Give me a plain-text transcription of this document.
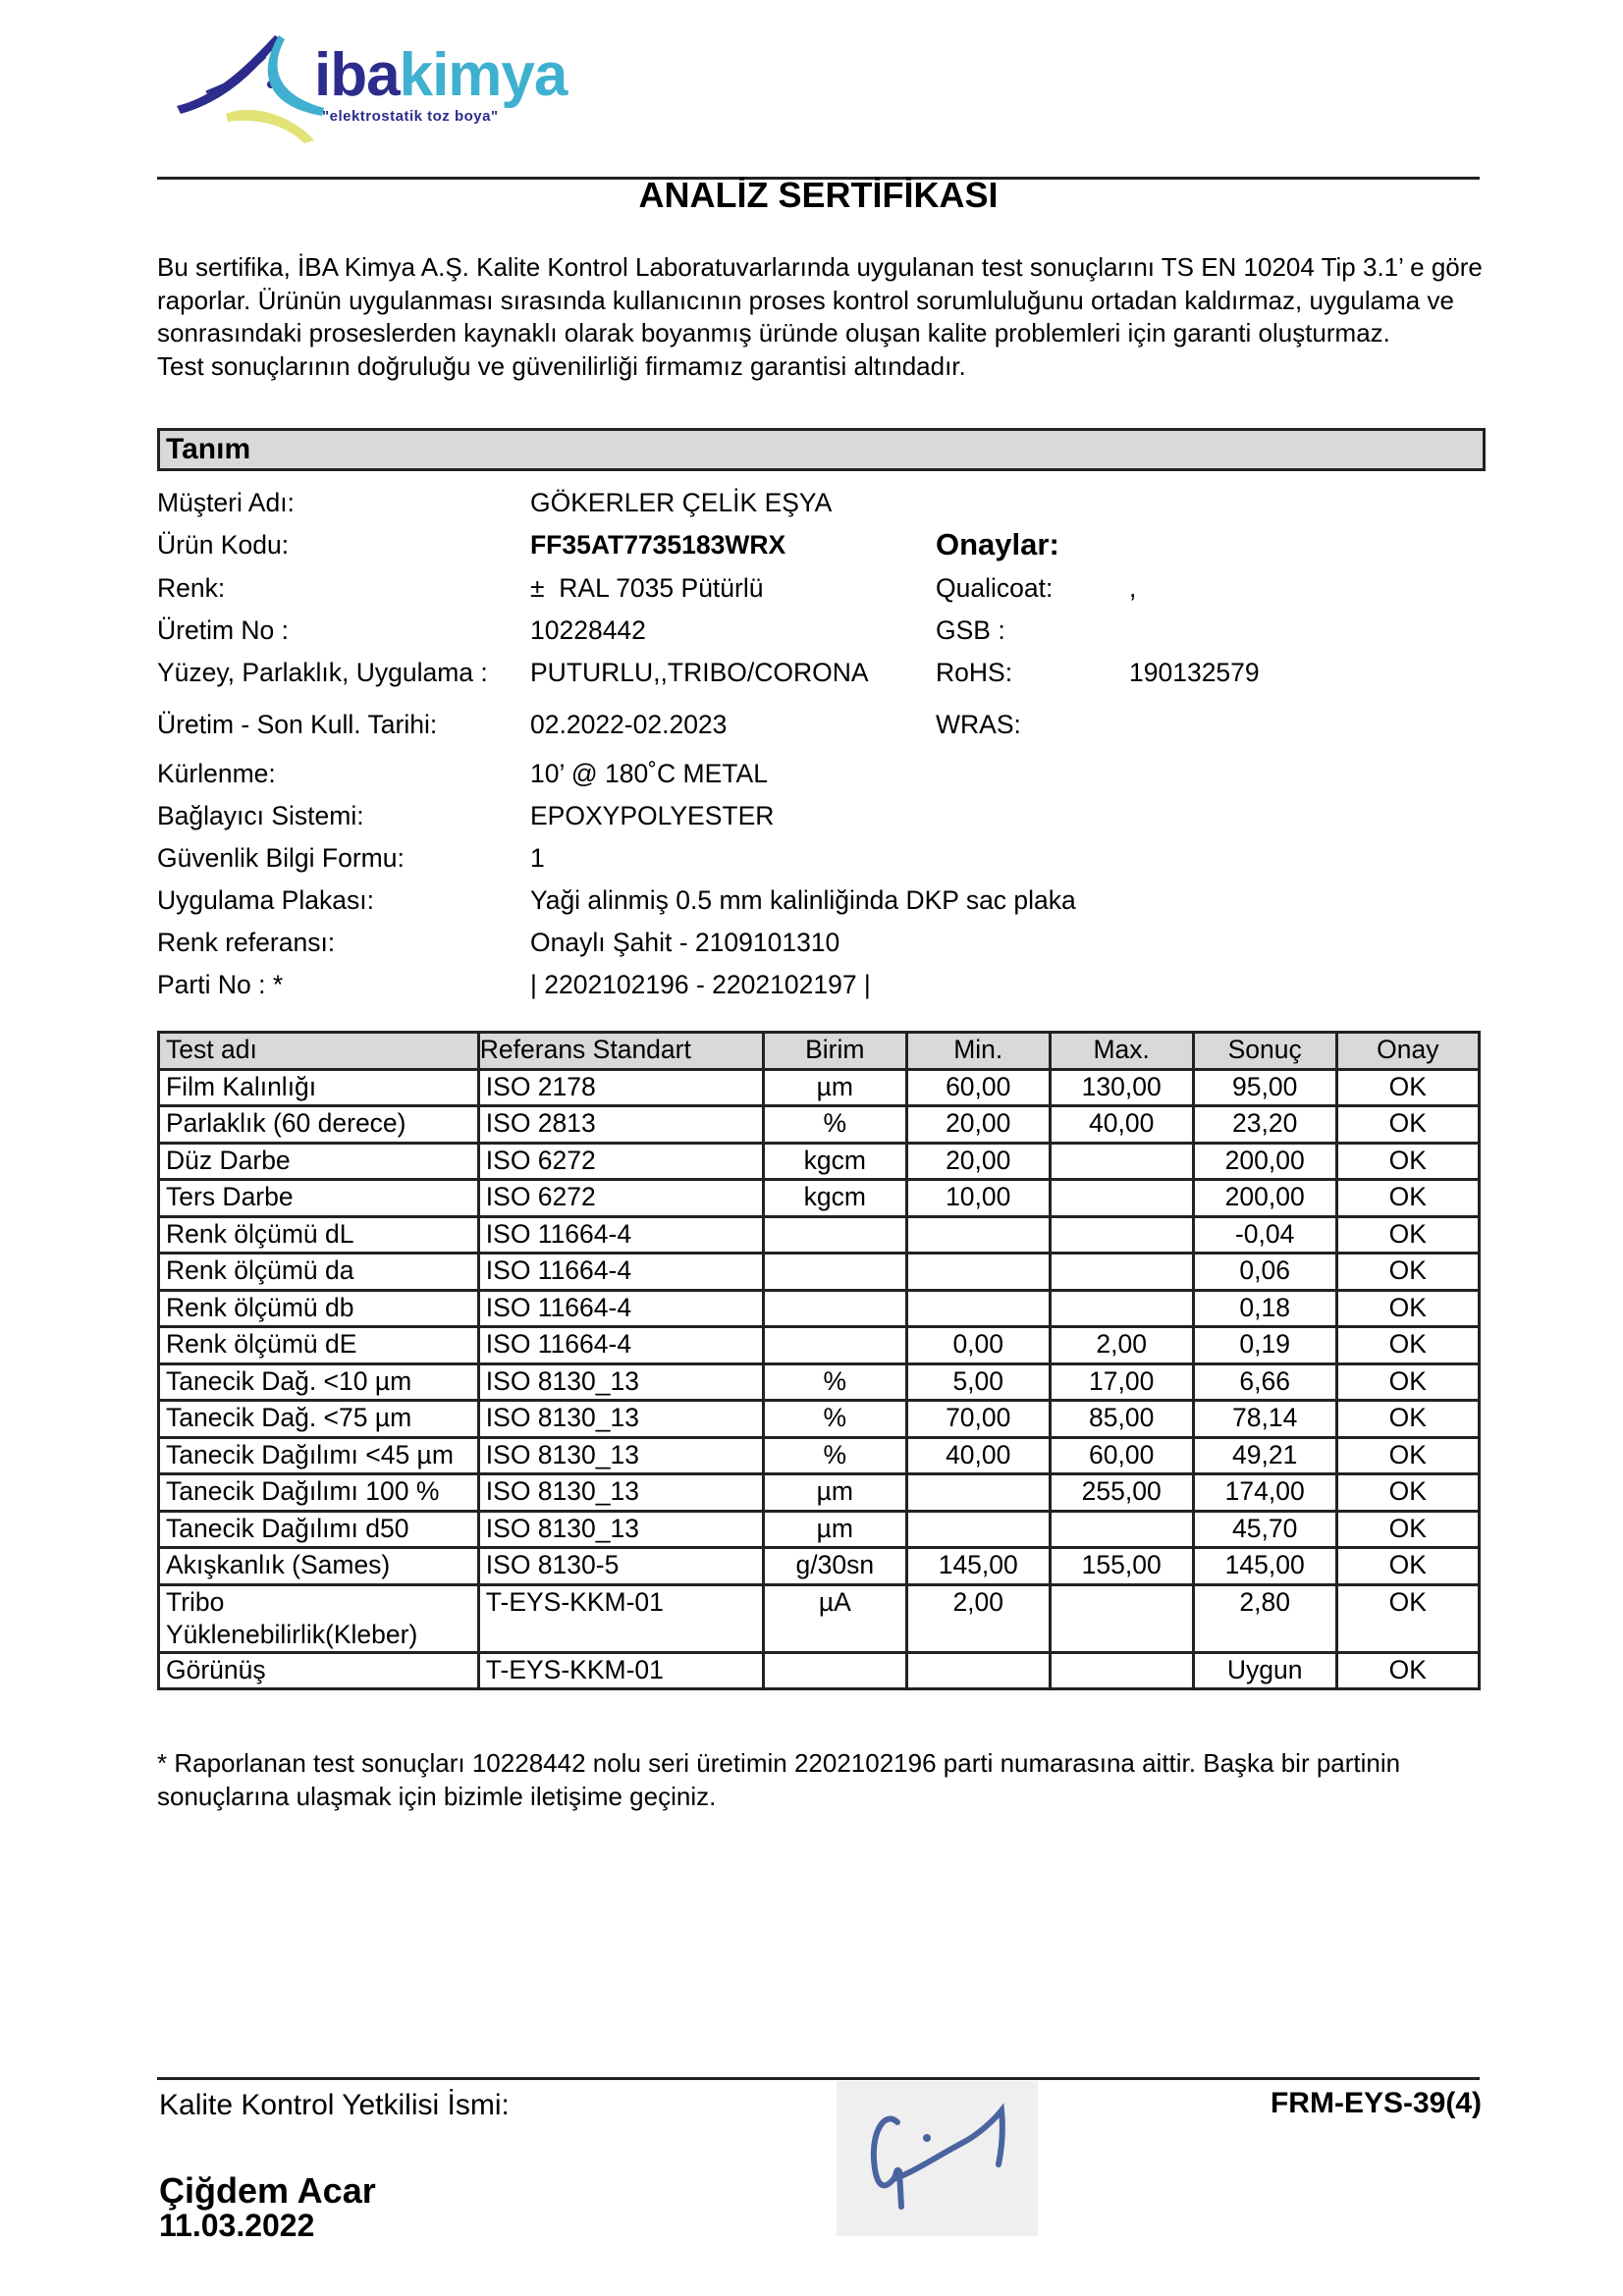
ibakimya
"elektrostatik toz boya"
ANALİZ SERTİFİKASI

Bu sertifika, İBA Kimya A.Ş. Kalite Kontrol Laboratuvarlarında uygulanan test sonuçlarını TS EN 10204 Tip 3.1’ e göre raporlar. Ürünün uygulanması sırasında kullanıcının proses kontrol sorumluluğunu ortadan kaldırmaz, uygulama ve sonrasındaki proseslerden kaynaklı olarak boyanmış üründe oluşan kalite problemleri için garanti oluşturmaz.

Test sonuçlarının doğruluğu ve güvenilirliği firmamız garantisi altındadır.

Tanım
Müşteri Adı:	GÖKERLER ÇELİK EŞYA
Ürün Kodu:	FF35AT7735183WRX	Onaylar:
Renk:	±  RAL 7035 Pütürlü	Qualicoat:	,
Üretim No :	10228442	GSB :
Yüzey, Parlaklık, Uygulama : PUTURLU,,TRIBO/CORONA	RoHS:	190132579
Üretim - Son Kull. Tarihi:	02.2022-02.2023	WRAS:
Kürlenme:	10’ @ 180˚C METAL
Bağlayıcı Sistemi:	EPOXYPOLYESTER
Güvenlik Bilgi Formu:	1
Uygulama Plakası:	Yaği alinmiş 0.5 mm kalinliğinda DKP sac plaka
Renk referansı:	Onaylı Şahit - 2109101310
Parti No : *	| 2202102196 - 2202102197 |
Test adı	Referans Standart	Birim	Min.	Max.	Sonuç	Onay
Film Kalınlığı	ISO 2178	µm	60,00	130,00	95,00	OK
Parlaklık (60 derece)	ISO 2813	%	20,00	40,00	23,20	OK
Düz Darbe	ISO 6272	kgcm	20,00		200,00	OK
Ters Darbe	ISO 6272	kgcm	10,00		200,00	OK
Renk ölçümü dL	ISO 11664-4				-0,04	OK
Renk ölçümü da	ISO 11664-4				0,06	OK
Renk ölçümü db	ISO 11664-4				0,18	OK
Renk ölçümü dE	ISO 11664-4		0,00	2,00	0,19	OK
Tanecik Dağ. <10 µm	ISO 8130_13	%	5,00	17,00	6,66	OK
Tanecik Dağ. <75 µm	ISO 8130_13	%	70,00	85,00	78,14	OK
Tanecik Dağılımı <45 µm	ISO 8130_13	%	40,00	60,00	49,21	OK
Tanecik Dağılımı 100 %	ISO 8130_13	µm		255,00	174,00	OK
Tanecik Dağılımı d50	ISO 8130_13	µm			45,70	OK
Akışkanlık (Sames)	ISO 8130-5	g/30sn	145,00	155,00	145,00	OK
Tribo Yüklenebilirlik(Kleber)	T-EYS-KKM-01	µA	2,00		2,80	OK
Görünüş	T-EYS-KKM-01				Uygun	OK
* Raporlanan test sonuçları 10228442 nolu seri üretimin 2202102196 parti numarasına aittir. Başka bir partinin sonuçlarına ulaşmak için bizimle iletişime geçiniz.
Kalite Kontrol Yetkilisi İsmi:	FRM-EYS-39(4)
Çiğdem Acar
11.03.2022
